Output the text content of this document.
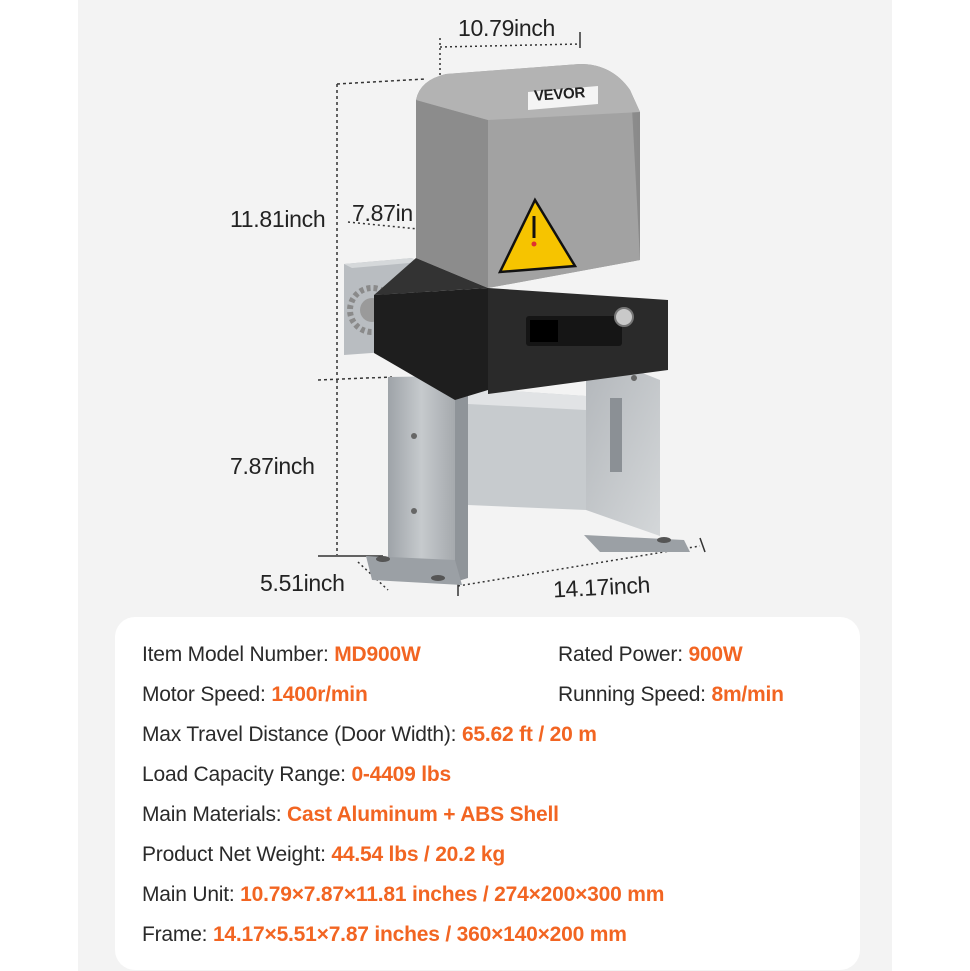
VEVOR
10.79inch
11.81inch 7.87in
7.87inch
5.51inch	14.17inch
Item Model Number: MD900W	Rated Power: 900W
Motor Speed: 1400r/min	Running Speed: 8m/min
Max Travel Distance (Door Width): 65.62 ft / 20 m
Load Capacity Range: 0-4409 lbs
Main Materials: Cast Aluminum + ABS Shell
Product Net Weight: 44.54 lbs / 20.2 kg
Main Unit: 10.79×7.87×11.81 inches / 274×200×300 mm
Frame: 14.17×5.51×7.87 inches / 360×140×200 mm
